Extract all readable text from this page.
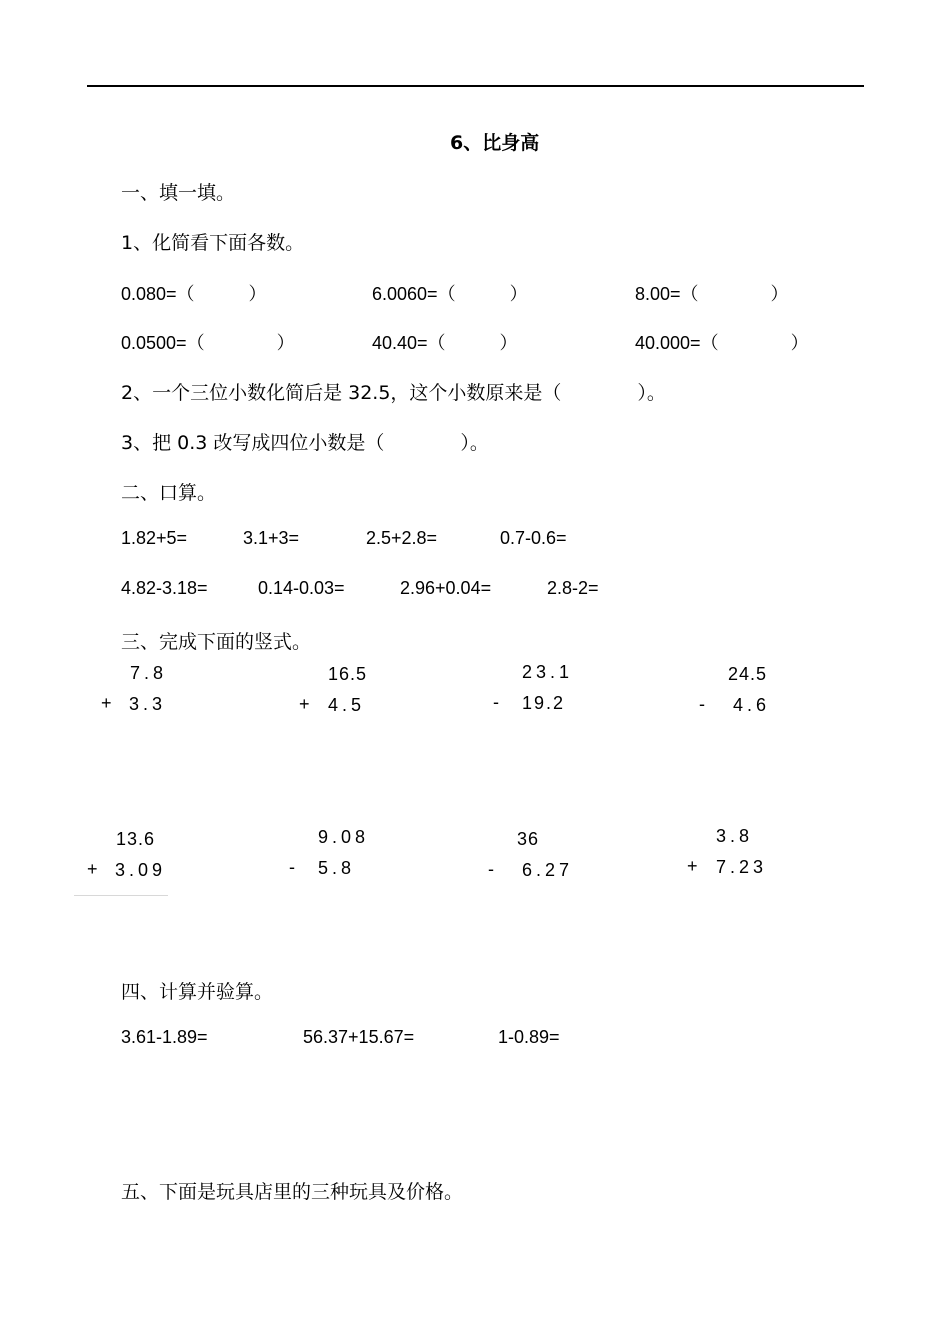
6、比身高
一、填一填。
1、化简看下面各数。
0.080=（　　　）	6.0060=（　　　）	8.00=（　　　　）
0.0500=（　　　　）	40.40=（　　　）	40.000=（　　　　）
2、一个三位小数化简后是 32.5，这个小数原来是（　　　　）。
3、把 0.3 改写成四位小数是（　　　　）。
二、口算。
1.82+5=	3.1+3=	2.5+2.8=	0.7-0.6=
4.82-3.18=	0.14-0.03=	2.96+0.04=	2.8-2=
三、完成下面的竖式。
7.8
+ 3.3
16.5
+ 4.5
23.1
- 19.2
24.5
- 4.6
13.6
+ 3.09
9.08
- 5.8
36
- 6.27
3.8
+ 7.23
四、计算并验算。
3.61-1.89=	56.37+15.67=	1-0.89=
五、下面是玩具店里的三种玩具及价格。
